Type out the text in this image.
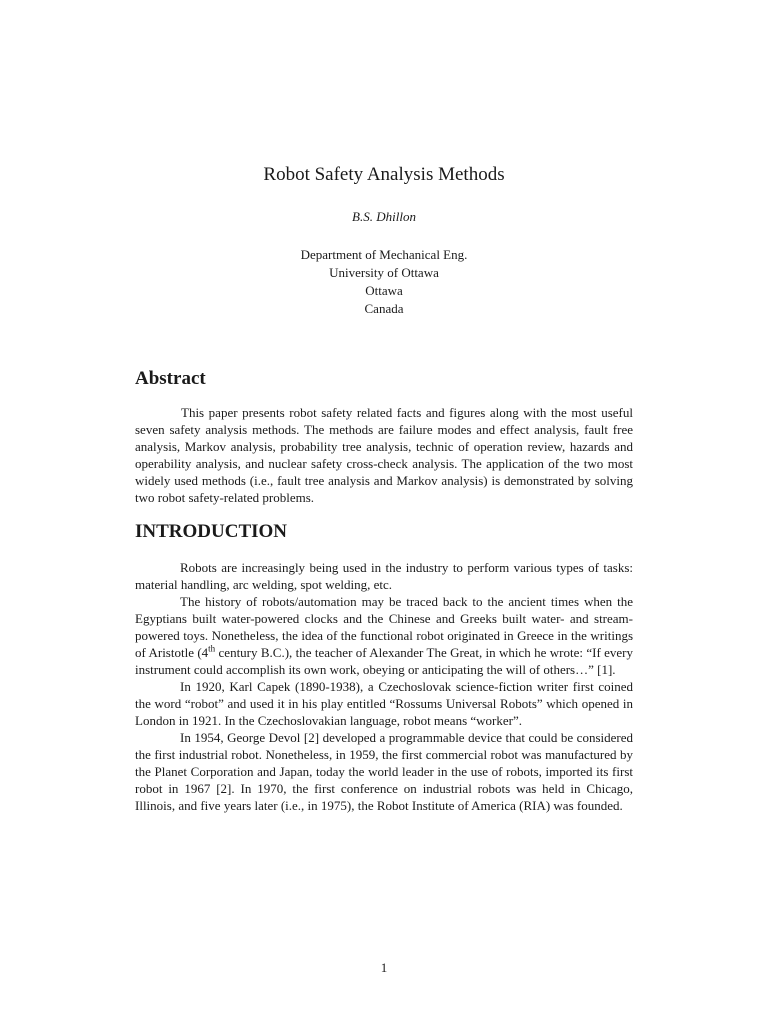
Robot Safety Analysis Methods
B.S. Dhillon
Department of Mechanical Eng.
University of Ottawa
Ottawa
Canada
Abstract

This paper presents robot safety related facts and figures along with the most useful seven safety analysis methods. The methods are failure modes and effect analysis, fault free analysis, Markov analysis, probability tree analysis, technic of operation review, hazards and operability analysis, and nuclear safety cross-check analysis. The application of the two most widely used methods (i.e., fault tree analysis and Markov analysis) is demonstrated by solving two robot safety-related problems.

INTRODUCTION

Robots are increasingly being used in the industry to perform various types of tasks: material handling, arc welding, spot welding, etc.

The history of robots/automation may be traced back to the ancient times when the Egyptians built water-powered clocks and the Chinese and Greeks built water- and stream-powered toys. Nonetheless, the idea of the functional robot originated in Greece in the writings of Aristotle (4th century B.C.), the teacher of Alexander The Great, in which he wrote: “If every instrument could accomplish its own work, obeying or anticipating the will of others…” [1].

In 1920, Karl Capek (1890-1938), a Czechoslovak science-fiction writer first coined the word “robot” and used it in his play entitled “Rossums Universal Robots” which opened in London in 1921. In the Czechoslovakian language, robot means “worker”.

In 1954, George Devol [2] developed a programmable device that could be considered the first industrial robot. Nonetheless, in 1959, the first commercial robot was manufactured by the Planet Corporation and Japan, today the world leader in the use of robots, imported its first robot in 1967 [2]. In 1970, the first conference on industrial robots was held in Chicago, Illinois, and five years later (i.e., in 1975), the Robot Institute of America (RIA) was founded.

1
